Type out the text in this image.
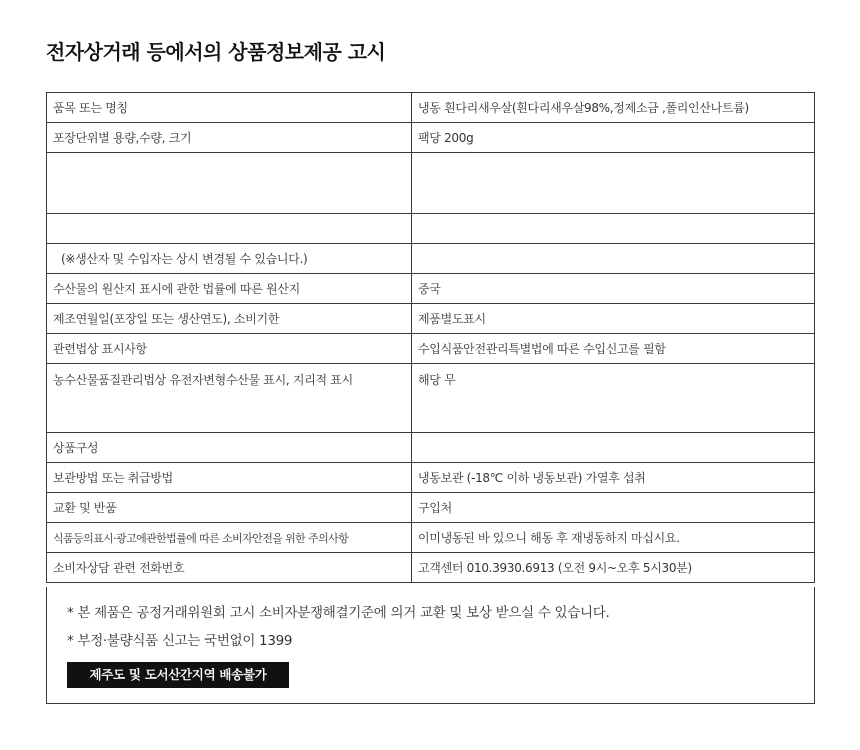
전자상거래 등에서의 상품정보제공 고시
품목 또는 명칭	냉동 흰다리새우살(흰다리새우살98%,정제소금 ,폴리인산나트륨)
포장단위별 용량,수량, 크기	팩당 200g

(※생산자 및 수입자는 상시 변경될 수 있습니다.)	
수산물의 원산지 표시에 관한 법률에 따른 원산지	중국
제조연월일(포장일 또는 생산연도), 소비기한	제품별도표시
관련법상 표시사항	수입식품안전관리특별법에 따른 수입신고를 필함
농수산물품질관리법상 유전자변형수산물 표시, 지리적 표시	해당 무
상품구성	
보관방법 또는 취급방법	냉동보관 (-18℃ 이하 냉동보관) 가열후 섭취
교환 및 반품	구입처
식품등의표시·광고에관한법률에 따른 소비자안전을 위한 주의사항	이미냉동된 바 있으니 해동 후 재냉동하지 마십시요.
소비자상담 관련 전화번호	고객센터 010.3930.6913 (오전 9시~오후 5시30분)
* 본 제품은 공정거래위원회 고시 소비자분쟁해결기준에 의거 교환 및 보상 받으실 수 있습니다.
* 부정·불량식품 신고는 국번없이 1399
제주도 및 도서산간지역 배송불가
